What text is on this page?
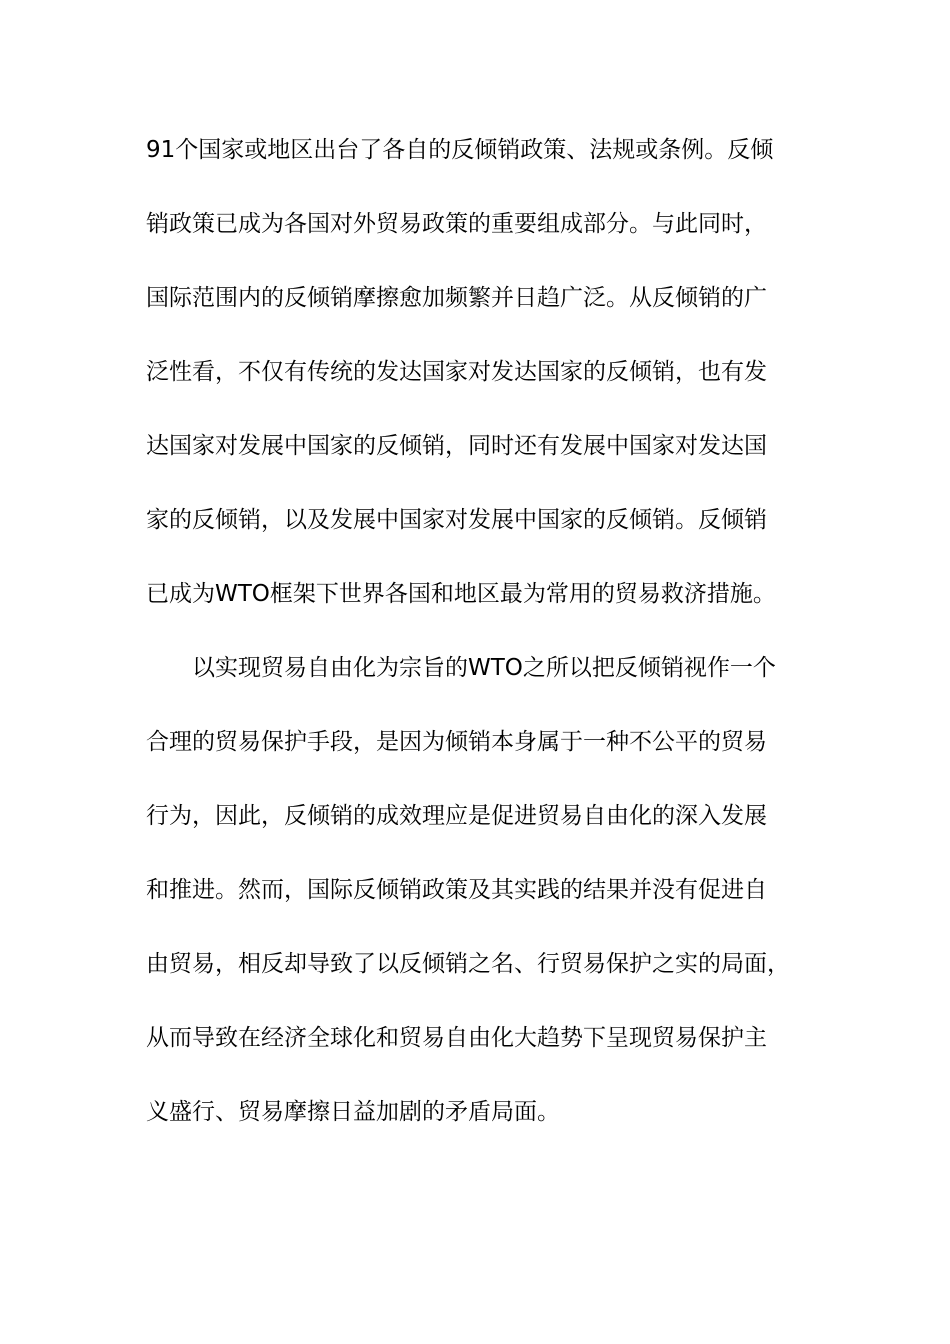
91个国家或地区出台了各自的反倾销政策、法规或条例。反倾
销政策已成为各国对外贸易政策的重要组成部分。与此同时，
国际范围内的反倾销摩擦愈加频繁并日趋广泛。从反倾销的广
泛性看，不仅有传统的发达国家对发达国家的反倾销，也有发
达国家对发展中国家的反倾销，同时还有发展中国家对发达国
家的反倾销，以及发展中国家对发展中国家的反倾销。反倾销
已成为WTO框架下世界各国和地区最为常用的贸易救济措施。
以实现贸易自由化为宗旨的WTO之所以把反倾销视作一个
合理的贸易保护手段，是因为倾销本身属于一种不公平的贸易
行为，因此，反倾销的成效理应是促进贸易自由化的深入发展
和推进。然而，国际反倾销政策及其实践的结果并没有促进自
由贸易，相反却导致了以反倾销之名、行贸易保护之实的局面，
从而导致在经济全球化和贸易自由化大趋势下呈现贸易保护主
义盛行、贸易摩擦日益加剧的矛盾局面。
